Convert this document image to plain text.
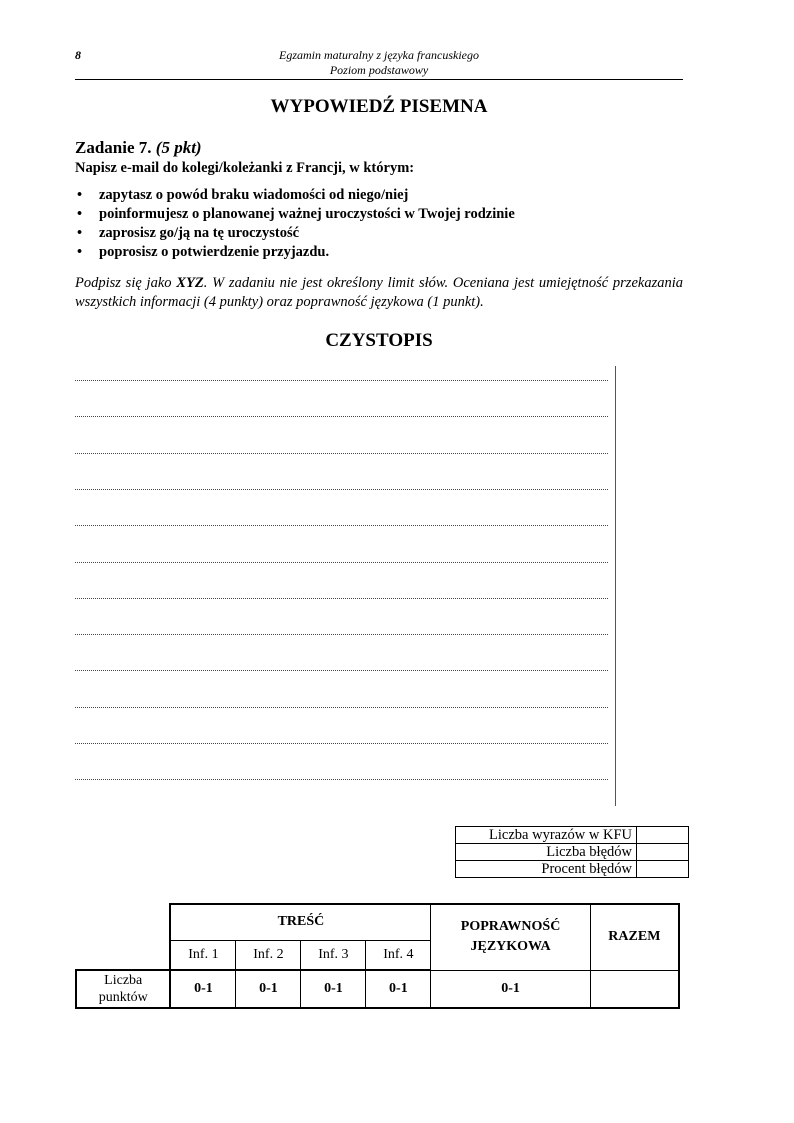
8	Egzamin maturalny z języka francuskiego
Poziom podstawowy
WYPOWIEDŹ PISEMNA
Zadanie 7. (5 pkt)
Napisz e-mail do kolegi/koleżanki z Francji, w którym:
• zapytasz o powód braku wiadomości od niego/niej
• poinformujesz o planowanej ważnej uroczystości w Twojej rodzinie
• zaprosisz go/ją na tę uroczystość
• poprosisz o potwierdzenie przyjazdu.
Podpisz się jako XYZ. W zadaniu nie jest określony limit słów. Oceniana jest umiejętność przekazania wszystkich informacji (4 punkty) oraz poprawność językowa (1 punkt).
CZYSTOPIS
Liczba wyrazów w KFU	
Liczba błędów	
Procent błędów	
	TREŚĆ				POPRAWNOŚĆ JĘZYKOWA	RAZEM
	Inf. 1	Inf. 2	Inf. 3	Inf. 4		
Liczba punktów	0-1	0-1	0-1	0-1	0-1	
